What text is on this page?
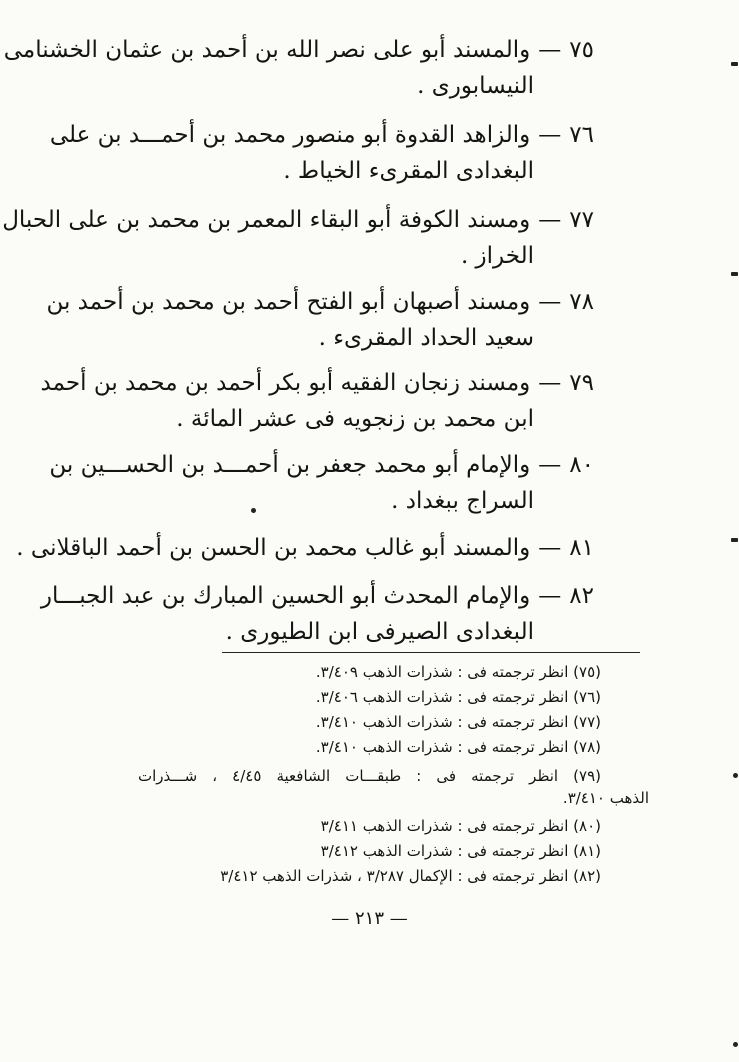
٧٥—والمسند أبو على نصر الله بن أحمد بن عثمان الخشنامى
النيسابورى .
٧٦—والزاهد القدوة أبو منصور محمد بن أحمـــد بن على
البغدادى المقرىء الخياط .
٧٧—ومسند الكوفة أبو البقاء المعمر بن محمد بن على الحبال
الخراز .
٧٨—ومسند أصبهان أبو الفتح أحمد بن محمد بن أحمد بن
سعيد الحداد المقرىء .
٧٩—ومسند زنجان الفقيه أبو بكر أحمد بن محمد بن أحمد
ابن محمد بن زنجويه فى عشر المائة .
٨٠—والإمام أبو محمد جعفر بن أحمـــد بن الحســـين بن
السراج ببغداد .
٨١—والمسند أبو غالب محمد بن الحسن بن أحمد الباقلانى .
٨٢—والإمام المحدث أبو الحسين المبارك بن عبد الجبـــار
البغدادى الصيرفى ابن الطيورى .
(٧٥) انظر ترجمته فى : شذرات الذهب ٣/٤٠٩.
(٧٦) انظر ترجمته فى : شذرات الذهب ٣/٤٠٦.
(٧٧) انظر ترجمته فى : شذرات الذهب ٣/٤١٠.
(٧٨) انظر ترجمته فى : شذرات الذهب ٣/٤١٠.
(٧٩) انظر ترجمته فى : طبقـــات الشافعية ٤/٤٥ ، شـــذرات
الذهب ٣/٤١٠.
(٨٠) انظر ترجمته فى : شذرات الذهب ٣/٤١١
(٨١) انظر ترجمته فى : شذرات الذهب ٣/٤١٢
(٨٢) انظر ترجمته فى : الإكمال ٣/٢٨٧ ، شذرات الذهب ٣/٤١٢
— ٢١٣ —
